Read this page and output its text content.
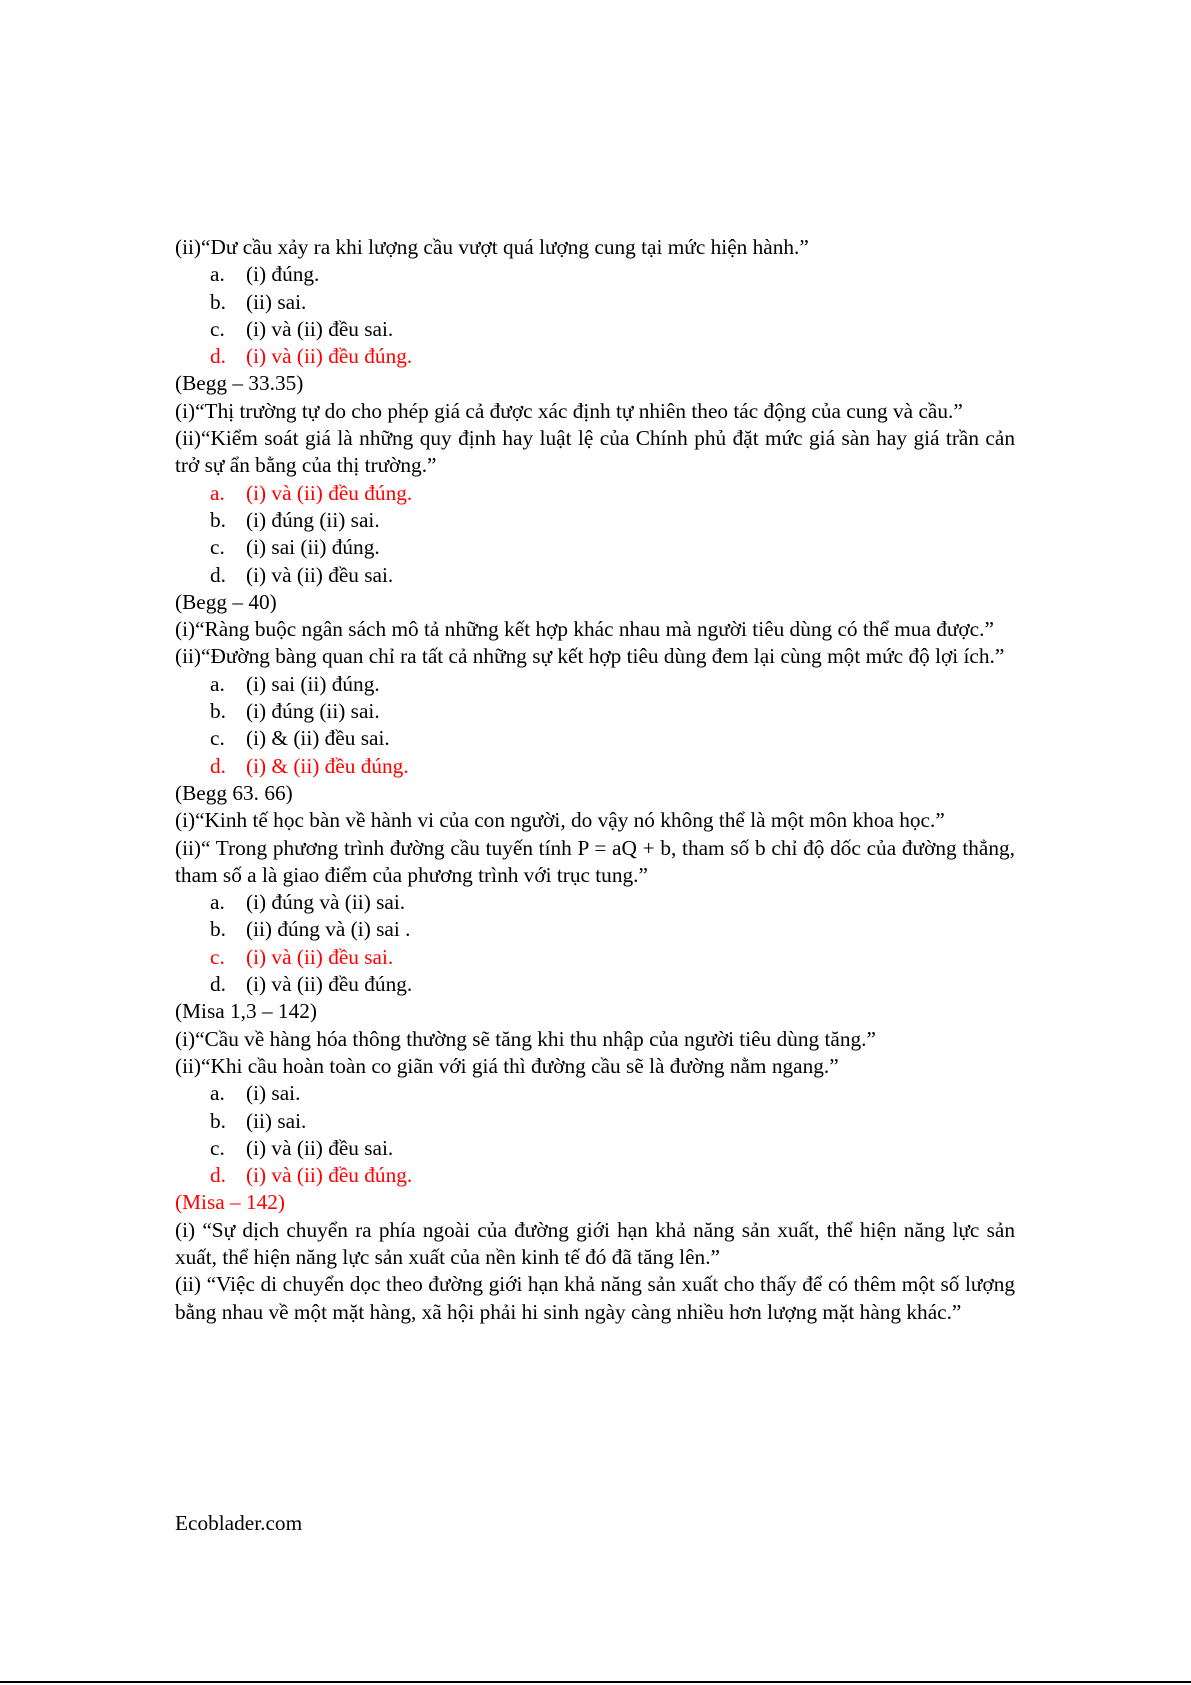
(ii)“Dư cầu xảy ra khi lượng cầu vượt quá lượng cung tại mức hiện hành.”

a. (i) đúng.

b. (ii) sai.

c. (i) và (ii) đều sai.

d. (i) và (ii) đều đúng.

(Begg – 33.35)

(i)“Thị trường tự do cho phép giá cả được xác định tự nhiên theo tác động của cung và cầu.”

(ii)“Kiểm soát giá là những quy định hay luật lệ của Chính phủ đặt mức giá sàn hay giá trần cản trở sự ẩn bằng của thị trường.”

a. (i) và (ii) đều đúng.

b. (i) đúng (ii) sai.

c. (i) sai (ii) đúng.

d. (i) và (ii) đều sai.

(Begg – 40)

(i)“Ràng buộc ngân sách mô tả những kết hợp khác nhau mà người tiêu dùng có thể mua được.”

(ii)“Đường bàng quan chỉ ra tất cả những sự kết hợp tiêu dùng đem lại cùng một mức độ lợi ích.”

a. (i) sai (ii) đúng.

b. (i) đúng (ii) sai.

c. (i) & (ii) đều sai.

d. (i) & (ii) đều đúng.

(Begg 63. 66)

(i)“Kinh tế học bàn về hành vi của con người, do vậy nó không thể là một môn khoa học.”

(ii)“ Trong phương trình đường cầu tuyến tính P = aQ + b, tham số b chỉ độ dốc của đường thẳng, tham số a là giao điểm của phương trình với trục tung.”

a. (i) đúng và (ii) sai.

b. (ii) đúng và (i) sai .

c. (i) và (ii) đều sai.

d. (i) và (ii) đều đúng.

(Misa 1,3 – 142)

(i)“Cầu về hàng hóa thông thường sẽ tăng khi thu nhập của người tiêu dùng tăng.”

(ii)“Khi cầu hoàn toàn co giãn với giá thì đường cầu sẽ là đường nằm ngang.”

a. (i) sai.

b. (ii) sai.

c. (i) và (ii) đều sai.

d. (i) và (ii) đều đúng.

(Misa – 142)

(i) “Sự dịch chuyển ra phía ngoài của đường giới hạn khả năng sản xuất, thể hiện năng lực sản xuất, thể hiện năng lực sản xuất của nền kinh tế đó đã tăng lên.”

(ii) “Việc di chuyển dọc theo đường giới hạn khả năng sản xuất cho thấy để có thêm một số lượng bằng nhau về một mặt hàng, xã hội phải hi sinh ngày càng nhiều hơn lượng mặt hàng khác.”

Ecoblader.com
